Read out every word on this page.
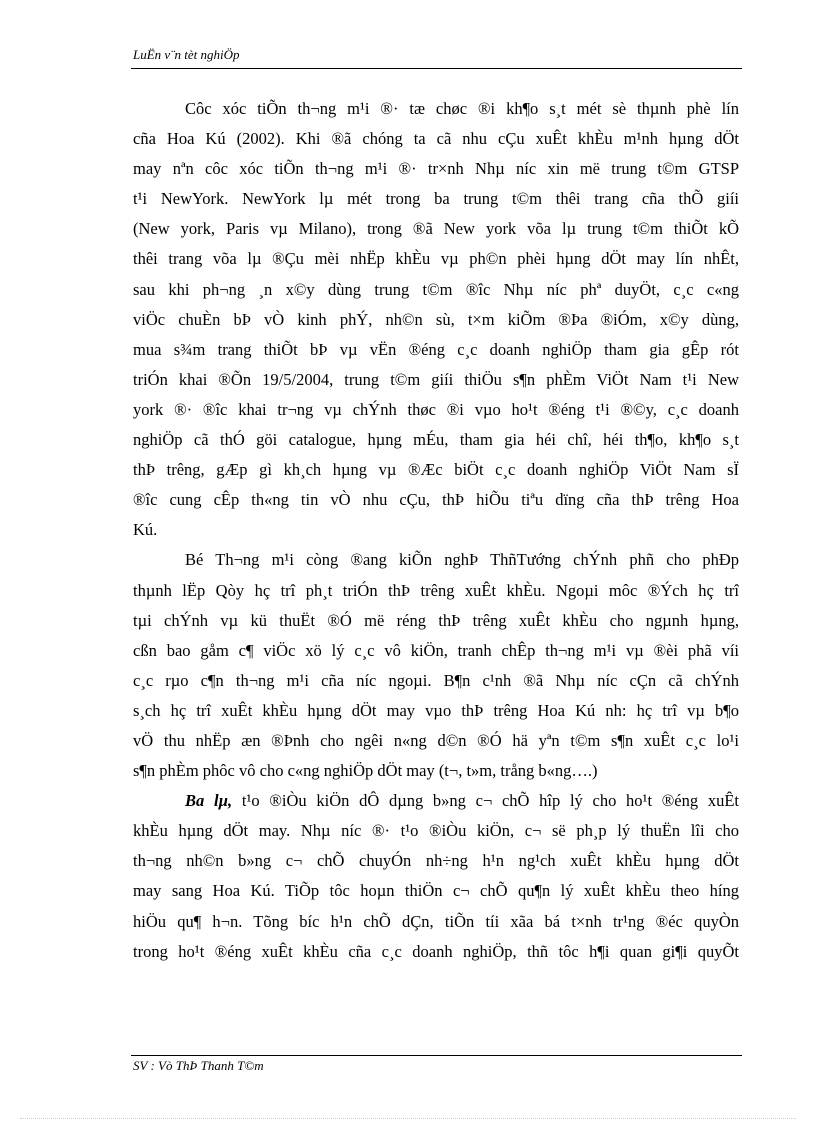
LuËn v¨n tèt nghiÖp
Côc xóc tiÕn th¬ng m¹i ®· tæ chøc ®i kh¶o s¸t mét sè thµnh phè lín
cña Hoa Kú (2002). Khi ®ã chóng ta cã nhu cÇu xuÊt khÈu m¹nh hµng dÖt
may nªn côc xóc tiÕn th¬ng m¹i ®· tr×nh Nhµ níc xin më trung t©m GTSP
t¹i NewYork. NewYork lµ mét trong ba trung t©m thêi trang cña thÕ giíi
(New york, Paris vµ Milano), trong ®ã New york võa lµ trung t©m thiÕt kÕ
thêi trang võa lµ ®Çu mèi nhËp khÈu vµ ph©n phèi hµng dÖt may lín nhÊt,
sau khi ph¬ng ¸n x©y dùng trung t©m ®îc Nhµ níc phª duyÖt, c¸c c«ng
viÖc chuÈn bÞ vÒ kinh phÝ, nh©n sù, t×m kiÕm ®Þa ®iÓm, x©y dùng,
mua s¾m trang thiÕt bÞ vµ vËn ®éng c¸c doanh nghiÖp tham gia gÊp rót
triÓn khai ®Õn 19/5/2004, trung t©m giíi thiÖu s¶n phÈm ViÖt Nam t¹i New
york ®· ®îc khai tr¬ng vµ chÝnh thøc ®i vµo ho¹t ®éng t¹i ®©y, c¸c doanh
nghiÖp cã thÓ göi catalogue, hµng mÉu, tham gia héi chî, héi th¶o, kh¶o s¸t
thÞ trêng, gÆp gì kh¸ch hµng vµ ®Æc biÖt c¸c doanh nghiÖp ViÖt Nam sÏ
®îc cung cÊp th«ng tin vÒ nhu cÇu, thÞ hiÕu tiªu dïng cña thÞ trêng Hoa
Kú.
Bé Th¬ng m¹i còng ®ang kiÕn nghÞ ThñTướng chÝnh phñ cho phÐp
thµnh lËp Qòy hç trî ph¸t triÓn thÞ trêng xuÊt khÈu. Ngoµi môc ®Ých hç trî
tµi chÝnh vµ kü thuËt ®Ó më réng thÞ trêng xuÊt khÈu cho ngµnh hµng,
cßn bao gåm c¶ viÖc xö lý c¸c vô kiÖn, tranh chÊp th¬ng m¹i vµ ®èi phã víi
c¸c rµo c¶n th¬ng m¹i cña níc ngoµi. B¶n c¹nh ®ã Nhµ níc cÇn cã chÝnh
s¸ch hç trî xuÊt khÈu hµng dÖt may vµo thÞ trêng Hoa Kú nh: hç trî vµ b¶o
vÖ thu nhËp æn ®Þnh cho ngêi n«ng d©n ®Ó hä yªn t©m s¶n xuÊt c¸c lo¹i
s¶n phÈm phôc vô cho c«ng nghiÖp dÖt may (t¬, t»m, trång b«ng….)
Ba lµ, t¹o ®iÒu kiÖn dÔ dµng b»ng c¬ chÕ hîp lý cho ho¹t ®éng xuÊt
khÈu hµng dÖt may. Nhµ níc ®· t¹o ®iÒu kiÖn, c¬ së ph¸p lý thuËn lîi cho
th¬ng nh©n b»ng c¬ chÕ chuyÓn nh÷ng h¹n ng¹ch xuÊt khÈu hµng dÖt
may sang Hoa Kú. TiÕp tôc hoµn thiÖn c¬ chÕ qu¶n lý xuÊt khÈu theo híng
hiÖu qu¶ h¬n. Tõng bíc h¹n chÕ dÇn, tiÕn tíi xãa bá t×nh tr¹ng ®éc quyÒn
trong ho¹t ®éng xuÊt khÈu cña c¸c doanh nghiÖp, thñ tôc h¶i quan gi¶i quyÕt
SV : Vò ThÞ Thanh T©m
